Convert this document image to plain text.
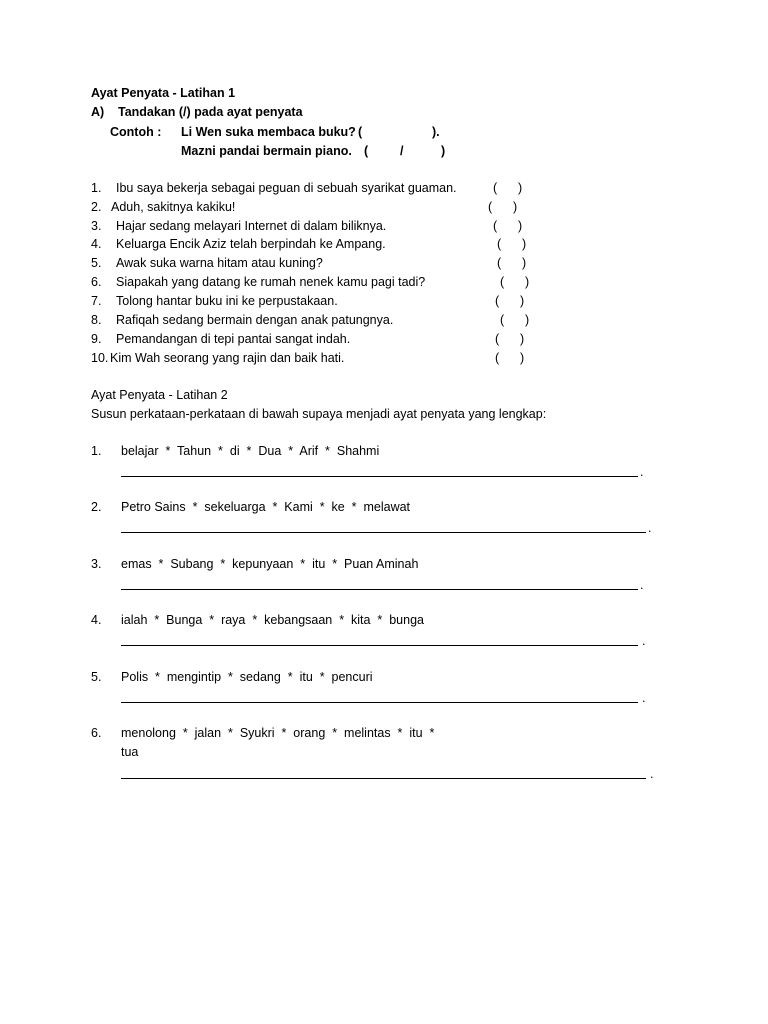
Ayat Penyata - Latihan 1
A) Tandakan (/) pada ayat penyata
Contoh : Li Wen suka membaca buku? (	).
Mazni pandai bermain piano. (	/	)
1. Ibu saya bekerja sebagai peguan di sebuah syarikat guaman.	(      )
2. Aduh, sakitnya kakiku!	(      )
3. Hajar sedang melayari Internet di dalam biliknya.	(      )
4. Keluarga Encik Aziz telah berpindah ke Ampang.	(      )
5. Awak suka warna hitam atau kuning?	(      )
6. Siapakah yang datang ke rumah nenek kamu pagi tadi?	(      )
7. Tolong hantar buku ini ke perpustakaan.	(      )
8. Rafiqah sedang bermain dengan anak patungnya.	(      )
9. Pemandangan di tepi pantai sangat indah.	(      )
10. Kim Wah seorang yang rajin dan baik hati.	(      )
Ayat Penyata - Latihan 2
Susun perkataan-perkataan di bawah supaya menjadi ayat penyata yang lengkap:
1. belajar  *  Tahun  *  di  *  Dua  *  Arif  *  Shahmi
.
2. Petro Sains  *  sekeluarga  *  Kami  *  ke  *  melawat
.
3. emas  *  Subang  *  kepunyaan  *  itu  *  Puan Aminah
.
4. ialah  *  Bunga  *  raya  *  kebangsaan  *  kita  *  bunga
.
5. Polis  *  mengintip  *  sedang  *  itu  *  pencuri
.
6. menolong  *  jalan  *  Syukri  *  orang  *  melintas  *  itu  *
tua
.
